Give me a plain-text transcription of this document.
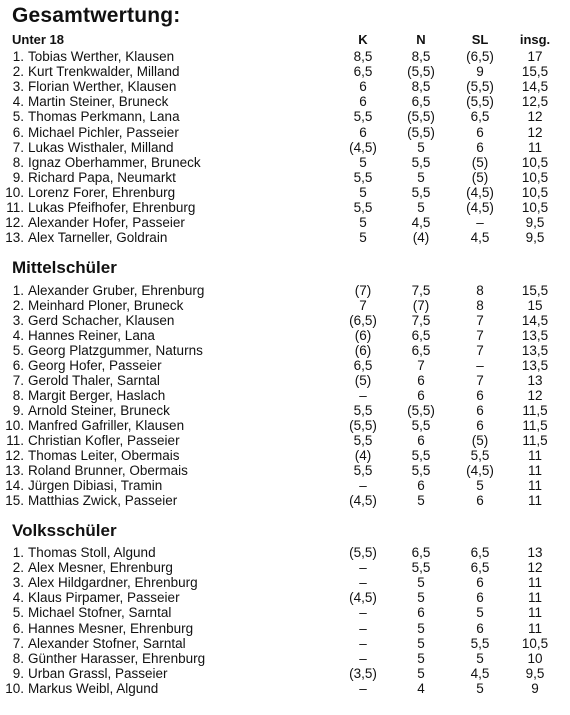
Gesamtwertung:
Unter 18	K	N	SL	insg.
1. Tobias Werther, Klausen	8,5	8,5	(6,5)	17
2. Kurt Trenkwalder, Milland	6,5	(5,5)	9	15,5
3. Florian Werther, Klausen	6	8,5	(5,5)	14,5
4. Martin Steiner, Bruneck	6	6,5	(5,5)	12,5
5. Thomas Perkmann, Lana	5,5	(5,5)	6,5	12
6. Michael Pichler, Passeier	6	(5,5)	6	12
7. Lukas Wisthaler, Milland	(4,5)	5	6	11
8. Ignaz Oberhammer, Bruneck	5	5,5	(5)	10,5
9. Richard Papa, Neumarkt	5,5	5	(5)	10,5
10. Lorenz Forer, Ehrenburg	5	5,5	(4,5)	10,5
11. Lukas Pfeifhofer, Ehrenburg	5,5	5	(4,5)	10,5
12. Alexander Hofer, Passeier	5	4,5	–	9,5
13. Alex Tarneller, Goldrain	5	(4)	4,5	9,5
1. Alexander Gruber, Ehrenburg	(7)	7,5	8	15,5
2. Meinhard Ploner, Bruneck	7	(7)	8	15
3. Gerd Schacher, Klausen	(6,5)	7,5	7	14,5
4. Hannes Reiner, Lana	(6)	6,5	7	13,5
5. Georg Platzgummer, Naturns	(6)	6,5	7	13,5
6. Georg Hofer, Passeier	6,5	7	–	13,5
7. Gerold Thaler, Sarntal	(5)	6	7	13
8. Margit Berger, Haslach	–	6	6	12
9. Arnold Steiner, Bruneck	5,5	(5,5)	6	11,5
10. Manfred Gafriller, Klausen	(5,5)	5,5	6	11,5
11. Christian Kofler, Passeier	5,5	6	(5)	11,5
12. Thomas Leiter, Obermais	(4)	5,5	5,5	11
13. Roland Brunner, Obermais	5,5	5,5	(4,5)	11
14. Jürgen Dibiasi, Tramin	–	6	5	11
15. Matthias Zwick, Passeier	(4,5)	5	6	11
1. Thomas Stoll, Algund	(5,5)	6,5	6,5	13
2. Alex Mesner, Ehrenburg	–	5,5	6,5	12
3. Alex Hildgardner, Ehrenburg	–	5	6	11
4. Klaus Pirpamer, Passeier	(4,5)	5	6	11
5. Michael Stofner, Sarntal	–	6	5	11
6. Hannes Mesner, Ehrenburg	–	5	6	11
7. Alexander Stofner, Sarntal	–	5	5,5	10,5
8. Günther Harasser, Ehrenburg	–	5	5	10
9. Urban Grassl, Passeier	(3,5)	5	4,5	9,5
10. Markus Weibl, Algund	–	4	5	9
Mittelschüler
Volksschüler
